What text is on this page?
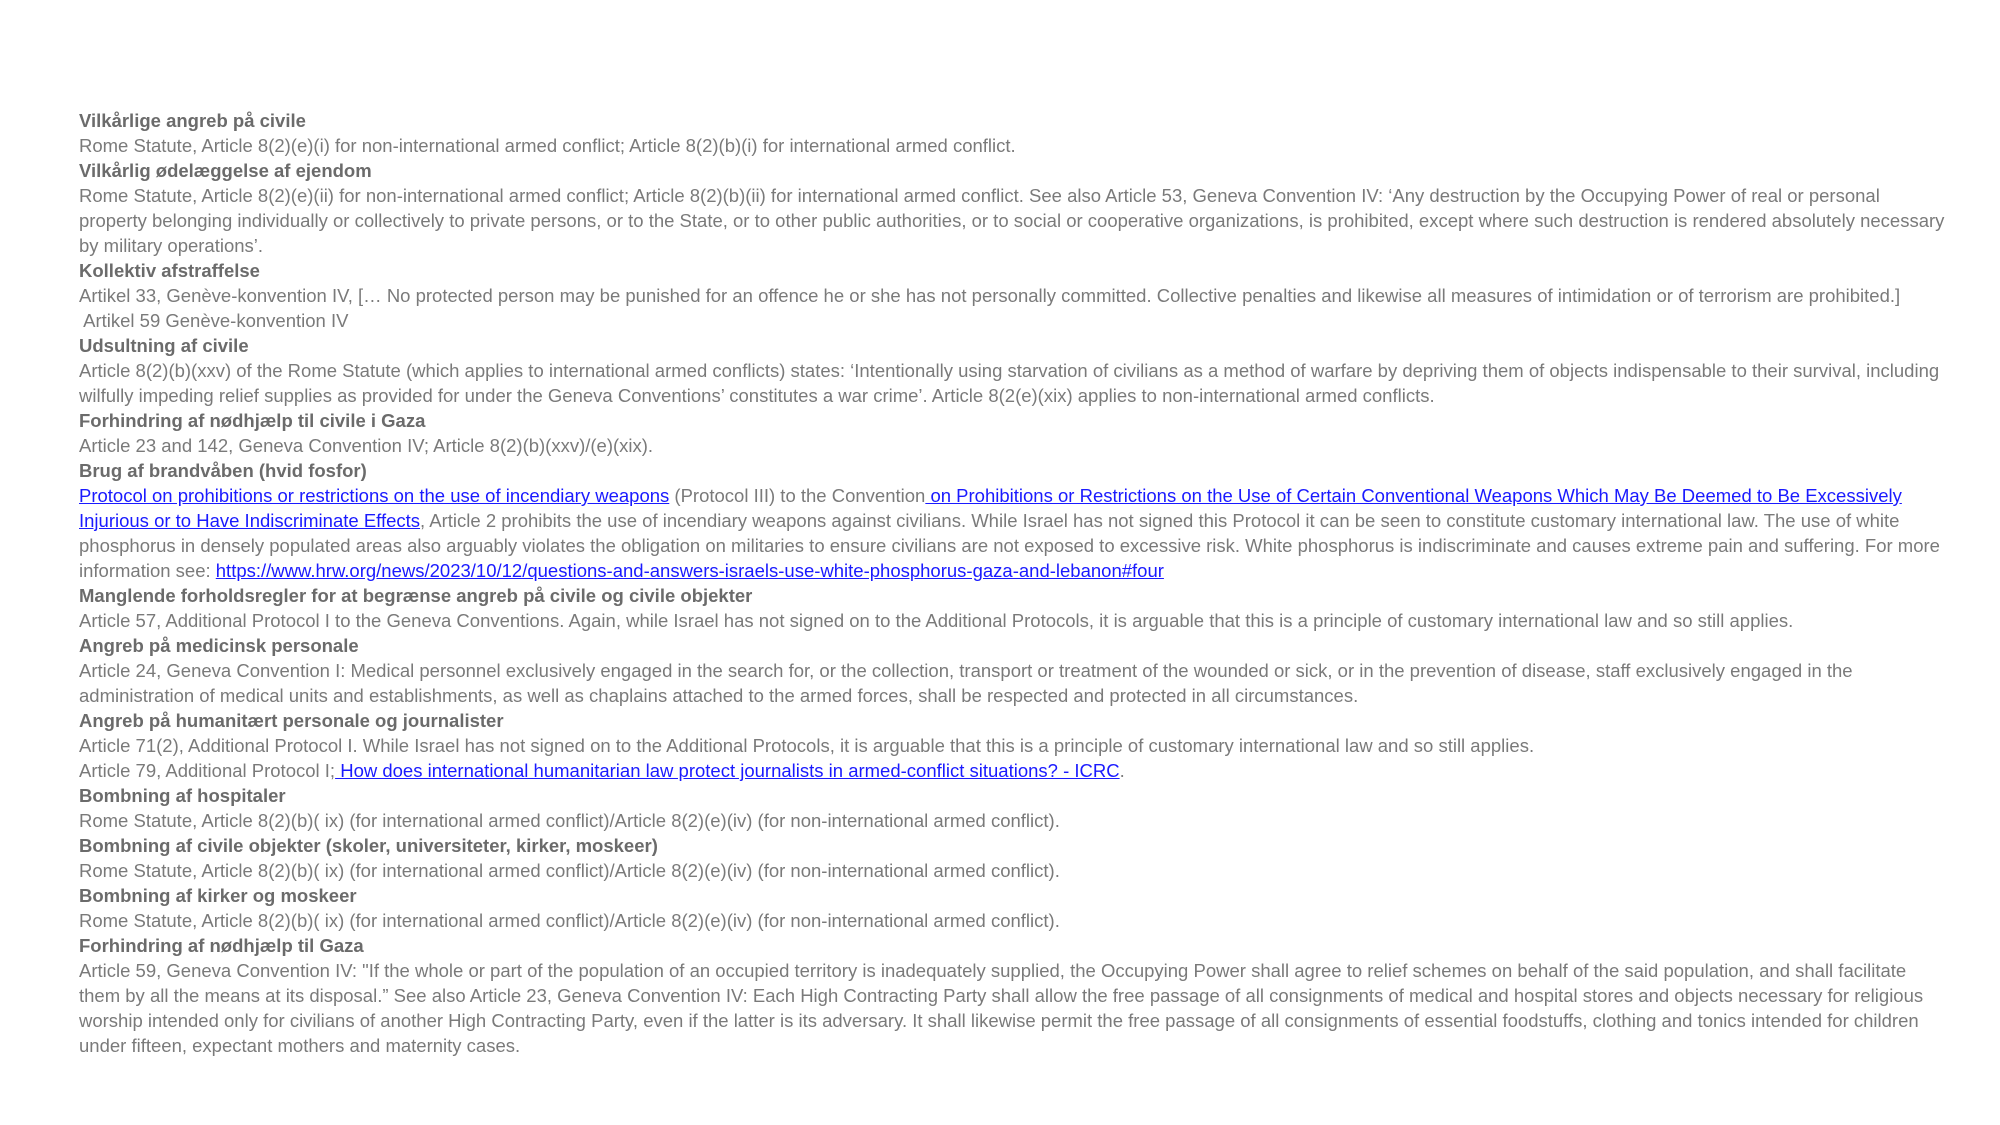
Vilkårlige angreb på civile

Rome Statute, Article 8(2)(e)(i) for non-international armed conflict; Article 8(2)(b)(i) for international armed conflict.

Vilkårlig ødelæggelse af ejendom

Rome Statute, Article 8(2)(e)(ii) for non-international armed conflict; Article 8(2)(b)(ii) for international armed conflict. See also Article 53, Geneva Convention IV: ‘Any destruction by the Occupying Power of real or personal property belonging individually or collectively to private persons, or to the State, or to other public authorities, or to social or cooperative organizations, is prohibited, except where such destruction is rendered absolutely necessary by military operations’.

Kollektiv afstraffelse

Artikel 33, Genève-konvention IV, [… No protected person may be punished for an offence he or she has not personally committed. Collective penalties and likewise all measures of intimidation or of terrorism are prohibited.]

Artikel 59 Genève-konvention IV

Udsultning af civile

Article 8(2)(b)(xxv) of the Rome Statute (which applies to international armed conflicts) states: ‘Intentionally using starvation of civilians as a method of warfare by depriving them of objects indispensable to their survival, including wilfully impeding relief supplies as provided for under the Geneva Conventions’ constitutes a war crime’. Article 8(2(e)(xix) applies to non-international armed conflicts.

Forhindring af nødhjælp til civile i Gaza

Article 23 and 142, Geneva Convention IV; Article 8(2)(b)(xxv)/(e)(xix).

Brug af brandvåben (hvid fosfor)

Protocol on prohibitions or restrictions on the use of incendiary weapons (Protocol III) to the Convention on Prohibitions or Restrictions on the Use of Certain Conventional Weapons Which May Be Deemed to Be Excessively Injurious or to Have Indiscriminate Effects, Article 2 prohibits the use of incendiary weapons against civilians. While Israel has not signed this Protocol it can be seen to constitute customary international law. The use of white phosphorus in densely populated areas also arguably violates the obligation on militaries to ensure civilians are not exposed to excessive risk. White phosphorus is indiscriminate and causes extreme pain and suffering. For more information see: https://www.hrw.org/news/2023/10/12/questions-and-answers-israels-use-white-phosphorus-gaza-and-lebanon#four

Manglende forholdsregler for at begrænse angreb på civile og civile objekter

Article 57, Additional Protocol I to the Geneva Conventions. Again, while Israel has not signed on to the Additional Protocols, it is arguable that this is a principle of customary international law and so still applies.

Angreb på medicinsk personale

Article 24, Geneva Convention I: Medical personnel exclusively engaged in the search for, or the collection, transport or treatment of the wounded or sick, or in the prevention of disease, staff exclusively engaged in the administration of medical units and establishments, as well as chaplains attached to the armed forces, shall be respected and protected in all circumstances.

Angreb på humanitært personale og journalister

Article 71(2), Additional Protocol I. While Israel has not signed on to the Additional Protocols, it is arguable that this is a principle of customary international law and so still applies.

Article 79, Additional Protocol I; How does international humanitarian law protect journalists in armed-conflict situations? - ICRC.

Bombning af hospitaler

Rome Statute, Article 8(2)(b)( ix) (for international armed conflict)/Article 8(2)(e)(iv) (for non-international armed conflict).

Bombning af civile objekter (skoler, universiteter, kirker, moskeer)

Rome Statute, Article 8(2)(b)( ix) (for international armed conflict)/Article 8(2)(e)(iv) (for non-international armed conflict).

Bombning af kirker og moskeer

Rome Statute, Article 8(2)(b)( ix) (for international armed conflict)/Article 8(2)(e)(iv) (for non-international armed conflict).

Forhindring af nødhjælp til Gaza

Article 59, Geneva Convention IV: "If the whole or part of the population of an occupied territory is inadequately supplied, the Occupying Power shall agree to relief schemes on behalf of the said population, and shall facilitate them by all the means at its disposal.” See also Article 23, Geneva Convention IV: Each High Contracting Party shall allow the free passage of all consignments of medical and hospital stores and objects necessary for religious worship intended only for civilians of another High Contracting Party, even if the latter is its adversary. It shall likewise permit the free passage of all consignments of essential foodstuffs, clothing and tonics intended for children under fifteen, expectant mothers and maternity cases.
